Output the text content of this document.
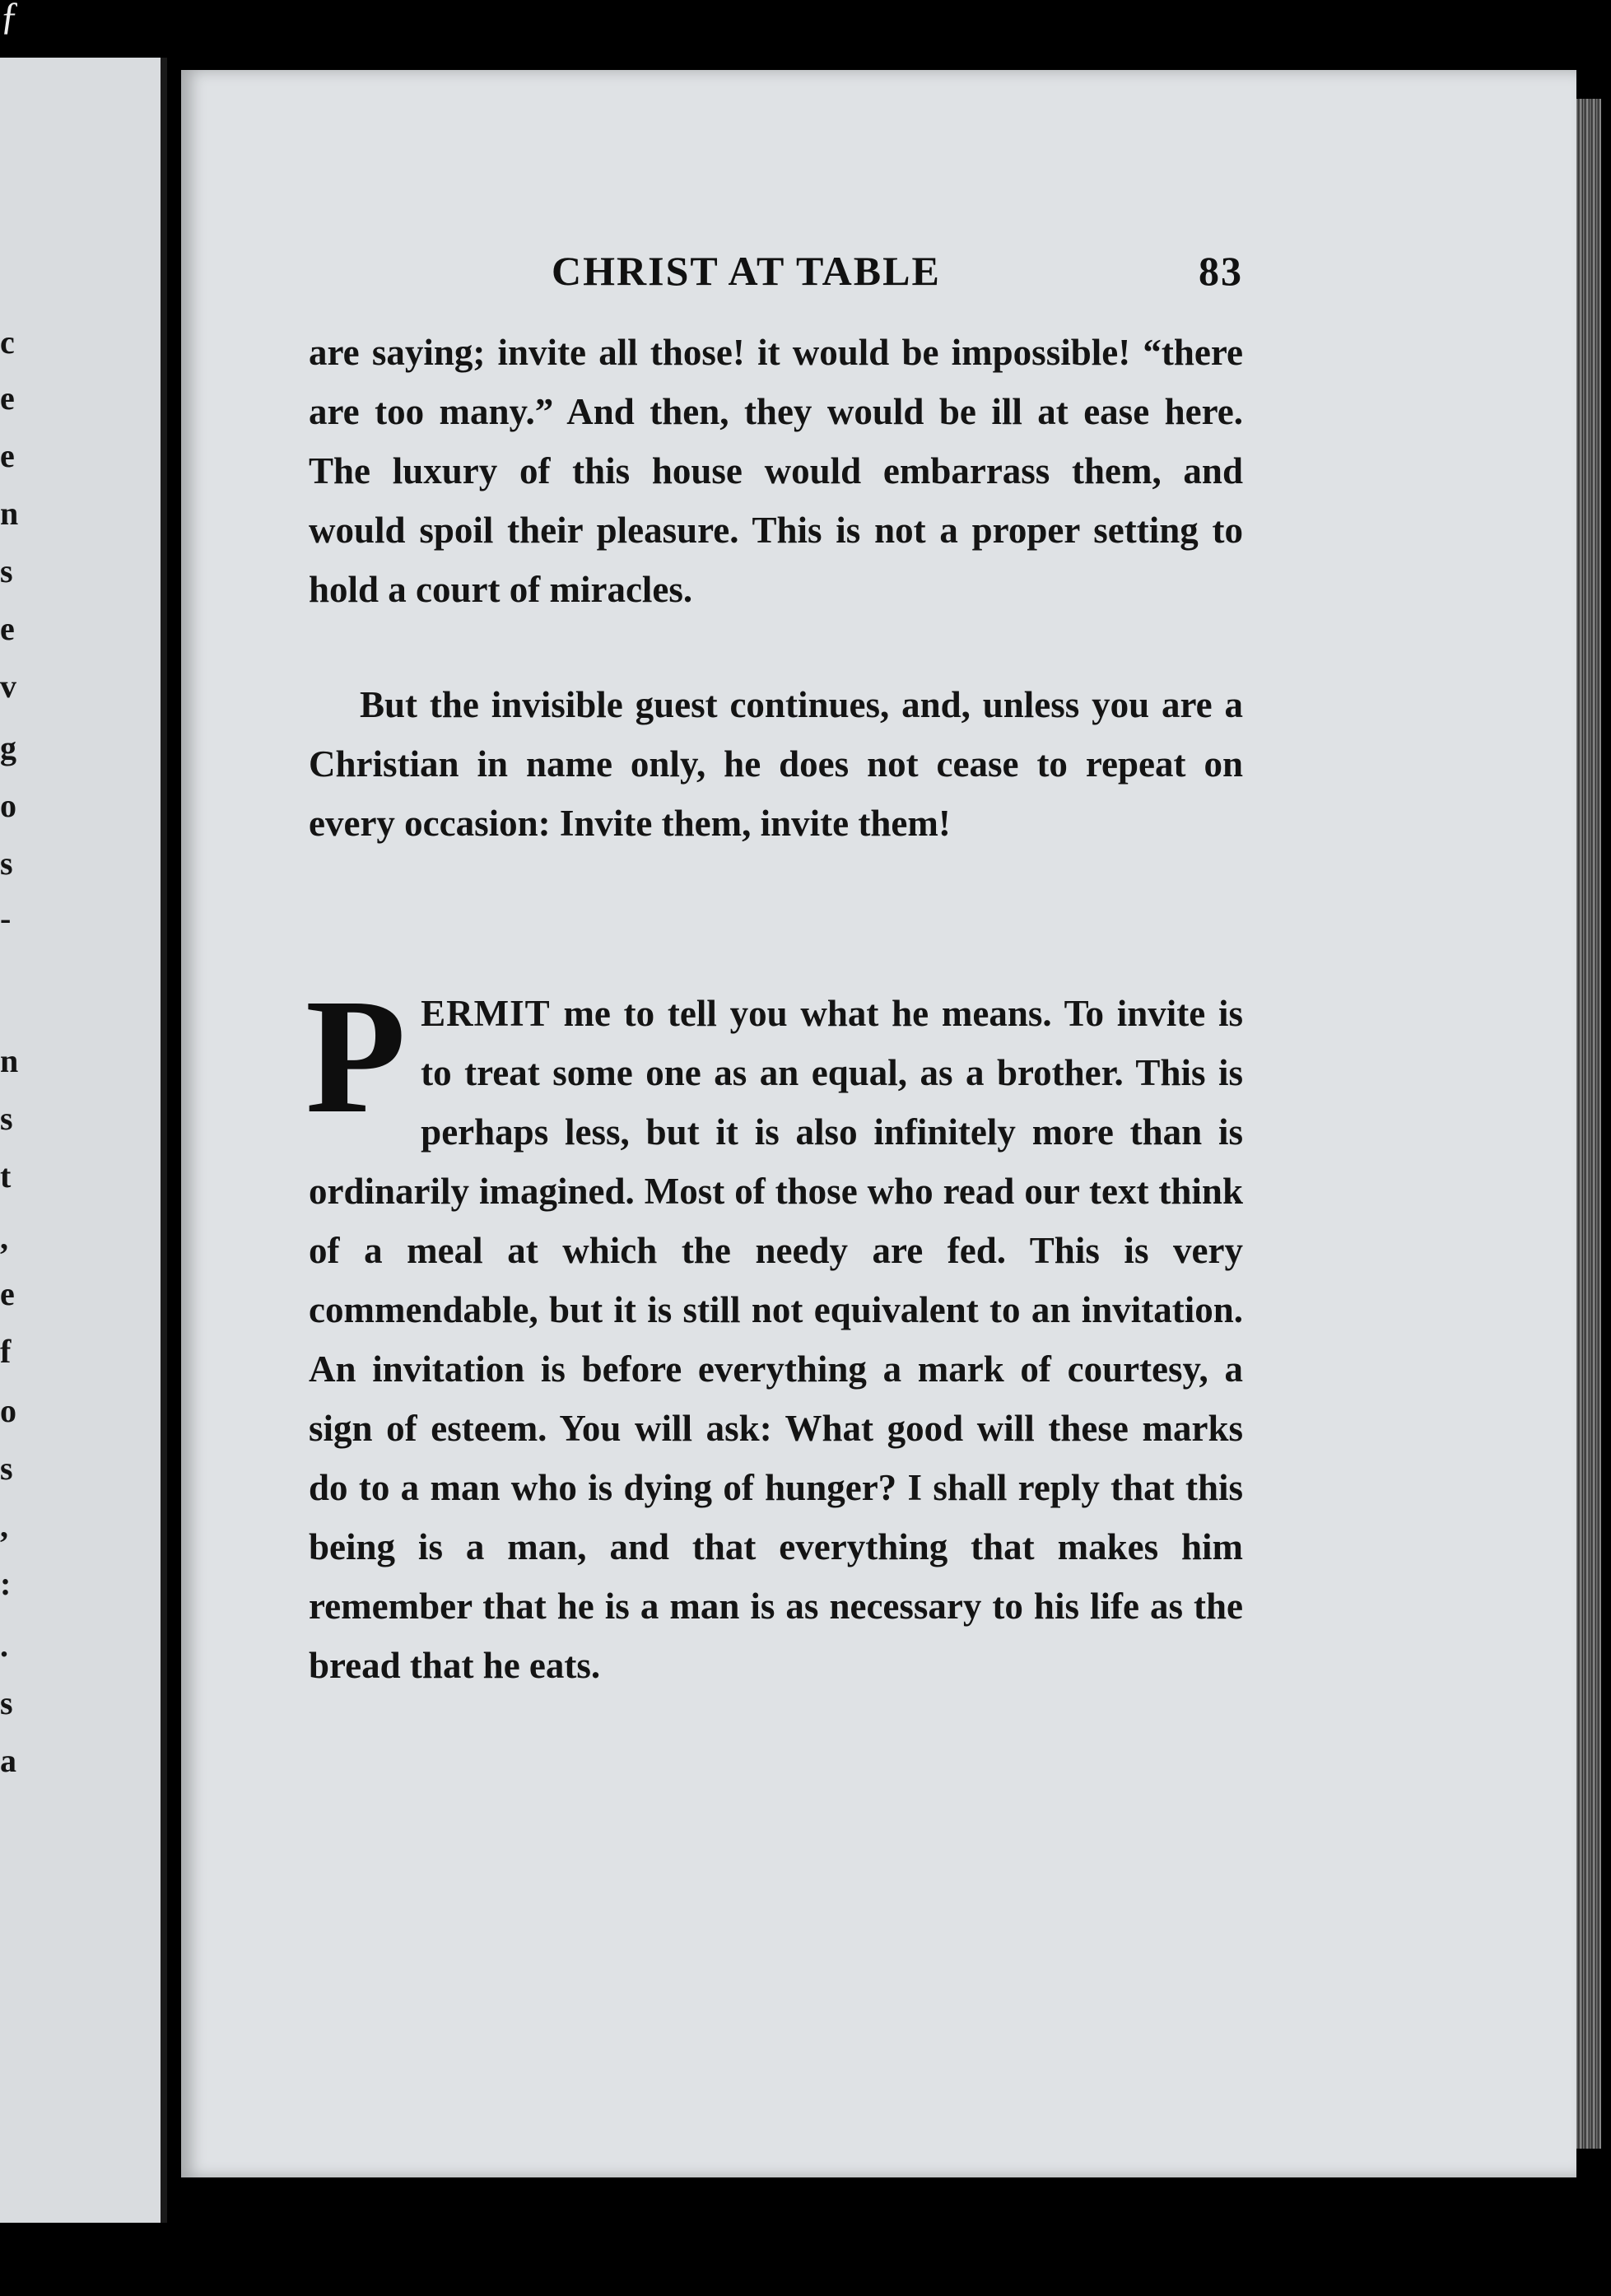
ƒ
c
e
e
n
s
e
v
g
o
s
-
n
s
t
,
e
f
o
s
,
:
.
s
a
CHRIST AT TABLE	83

are saying; invite all those! it would be impossible! “there are too many.” And then, they would be ill at ease here. The luxury of this house would embarrass them, and would spoil their pleasure. This is not a proper setting to hold a court of miracles.

But the invisible guest continues, and, unless you are a Christian in name only, he does not cease to repeat on every occasion: Invite them, invite them!

PERMIT me to tell you what he means. To invite is to treat some one as an equal, as a brother. This is perhaps less, but it is also infinitely more than is ordinarily imagined. Most of those who read our text think of a meal at which the needy are fed. This is very commendable, but it is still not equivalent to an invitation. An invitation is before everything a mark of courtesy, a sign of esteem. You will ask: What good will these marks do to a man who is dying of hunger? I shall reply that this being is a man, and that everything that makes him remember that he is a man is as necessary to his life as the bread that he eats.
